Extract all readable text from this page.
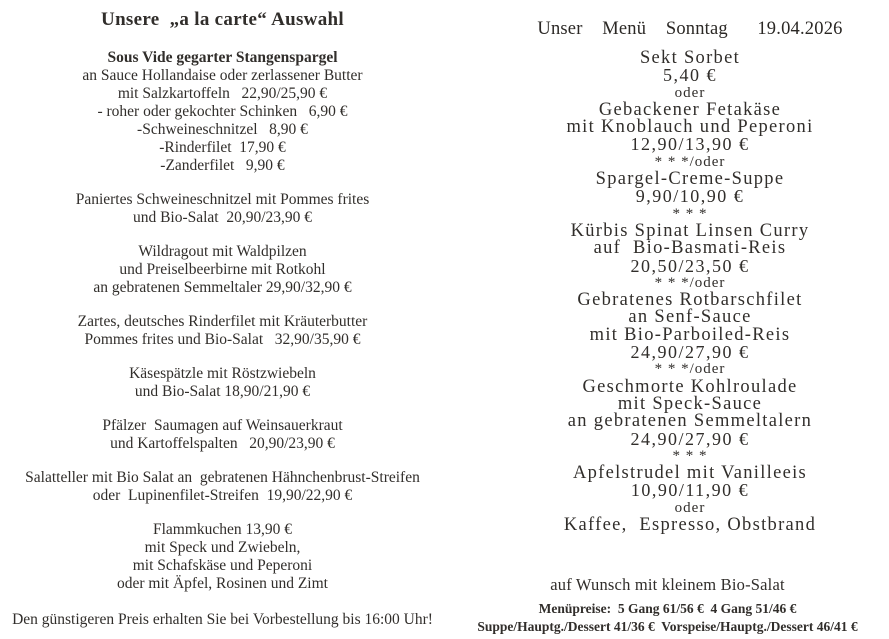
Unsere  „a la carte“ Auswahl
Sous Vide gegarter Stangenspargel
an Sauce Hollandaise oder zerlassener Butter
mit Salzkartoffeln   22,90/25,90 €
- roher oder gekochter Schinken   6,90 €
-Schweineschnitzel   8,90 €
-Rinderfilet  17,90 €
-Zanderfilet   9,90 €
Paniertes Schweineschnitzel mit Pommes frites
und Bio-Salat  20,90/23,90 €
Wildragout mit Waldpilzen
und Preiselbeerbirne mit Rotkohl
an gebratenen Semmeltaler 29,90/32,90 €
Zartes, deutsches Rinderfilet mit Kräuterbutter
Pommes frites und Bio-Salat   32,90/35,90 €
Käsespätzle mit Röstzwiebeln
und Bio-Salat 18,90/21,90 €
Pfälzer  Saumagen auf Weinsauerkraut
und Kartoffelspalten   20,90/23,90 €
Salatteller mit Bio Salat an  gebratenen Hähnchenbrust-Streifen
oder  Lupinenfilet-Streifen  19,90/22,90 €
Flammkuchen 13,90 €
mit Speck und Zwiebeln,
mit Schafskäse und Peperoni
oder mit Äpfel, Rosinen und Zimt
Den günstigeren Preis erhalten Sie bei Vorbestellung bis 16:00 Uhr!
Unser  Menü  Sonntag   19.04.2026
Sekt Sorbet
5,40 €
oder
Gebackener Fetakäse
mit Knoblauch und Peperoni
12,90/13,90 €
* * */oder
Spargel-Creme-Suppe
9,90/10,90 €
* * *
Kürbis Spinat Linsen Curry
auf  Bio-Basmati-Reis
20,50/23,50 €
* * */oder
Gebratenes Rotbarschfilet
an Senf-Sauce
mit Bio-Parboiled-Reis
24,90/27,90 €
* * */oder
Geschmorte Kohlroulade
mit Speck-Sauce
an gebratenen Semmeltalern
24,90/27,90 €
* * *
Apfelstrudel mit Vanilleeis
10,90/11,90 €
oder
Kaffee,  Espresso, Obstbrand
auf Wunsch mit kleinem Bio-Salat
Menüpreise:  5 Gang 61/56 €  4 Gang 51/46 €
Suppe/Hauptg./Dessert 41/36 €  Vorspeise/Hauptg./Dessert 46/41 €
